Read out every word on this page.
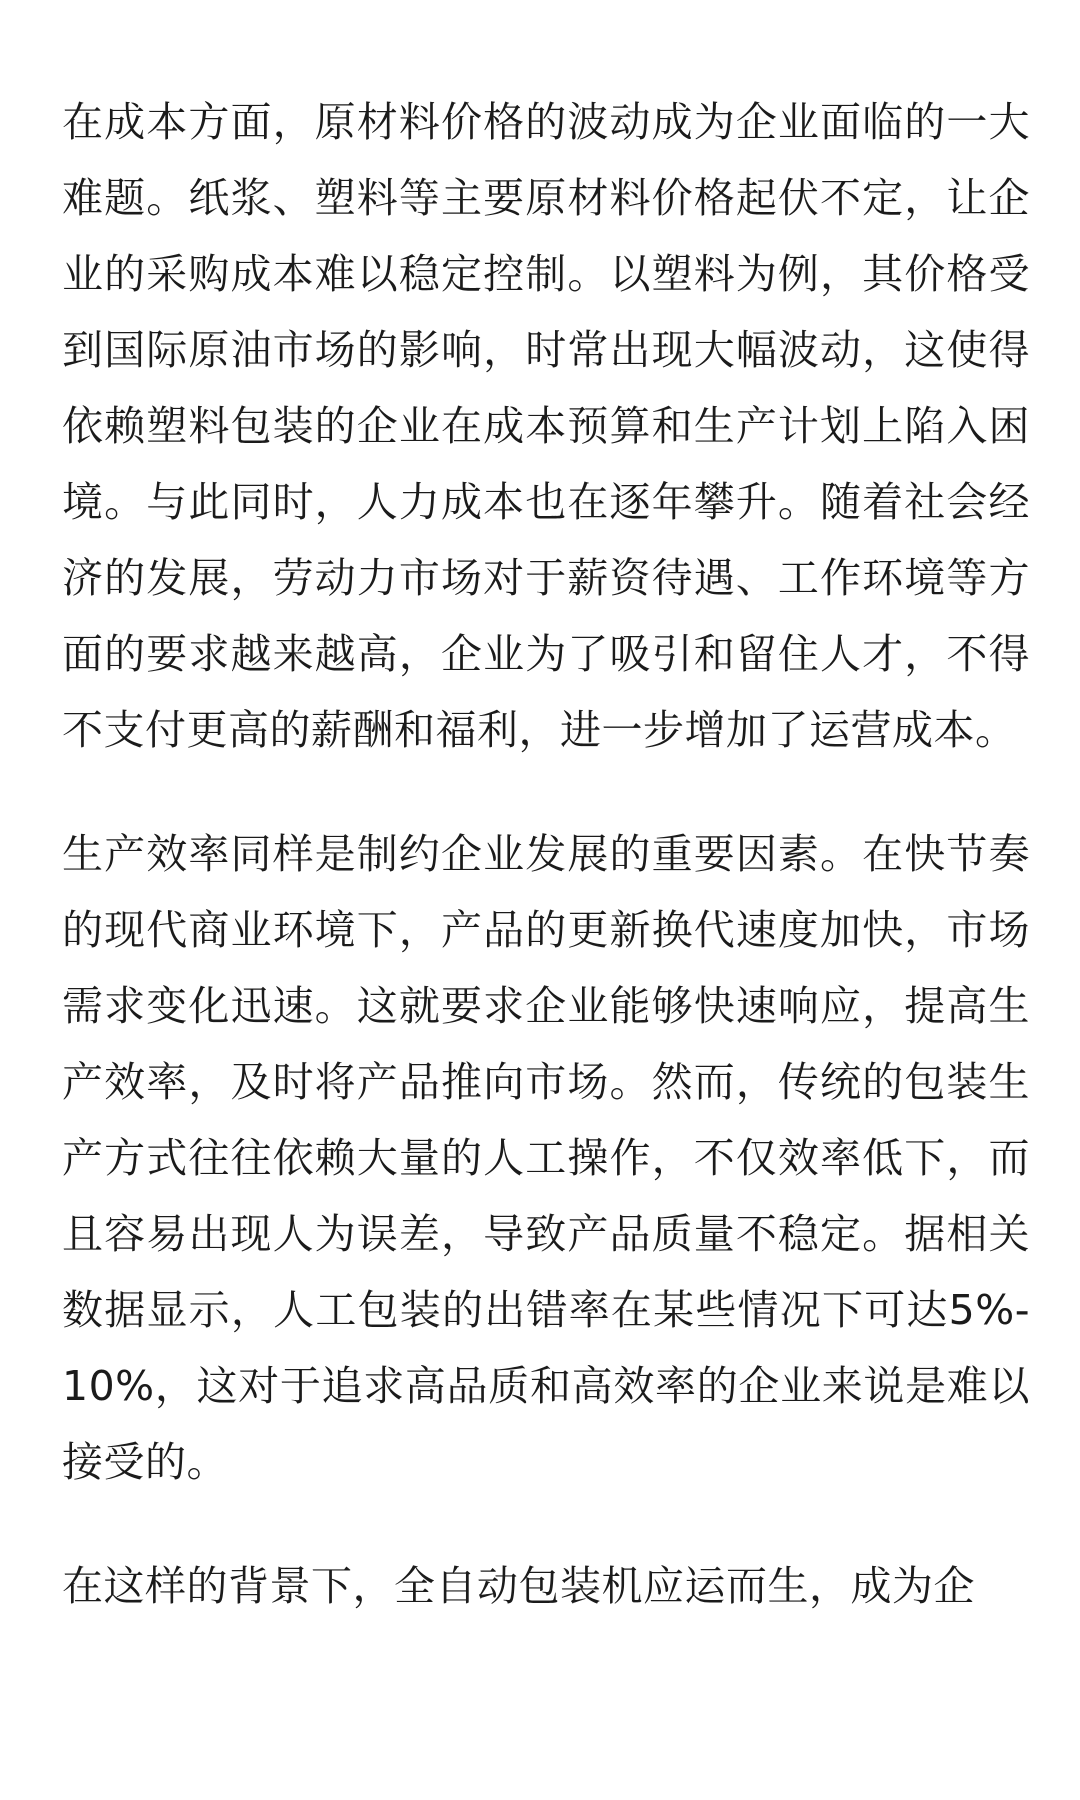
在成本方面，原材料价格的波动成为企业面临的一大难题。纸浆、塑料等主要原材料价格起伏不定，让企业的采购成本难以稳定控制。以塑料为例，其价格受到国际原油市场的影响，时常出现大幅波动，这使得依赖塑料包装的企业在成本预算和生产计划上陷入困境。与此同时，人力成本也在逐年攀升。随着社会经济的发展，劳动力市场对于薪资待遇、工作环境等方面的要求越来越高，企业为了吸引和留住人才，不得不支付更高的薪酬和福利，进一步增加了运营成本。

生产效率同样是制约企业发展的重要因素。在快节奏的现代商业环境下，产品的更新换代速度加快，市场需求变化迅速。这就要求企业能够快速响应，提高生产效率，及时将产品推向市场。然而，传统的包装生产方式往往依赖大量的人工操作，不仅效率低下，而且容易出现人为误差，导致产品质量不稳定。据相关数据显示，人工包装的出错率在某些情况下可达5%-10%，这对于追求高品质和高效率的企业来说是难以接受的。

在这样的背景下，全自动包装机应运而生，成为企
